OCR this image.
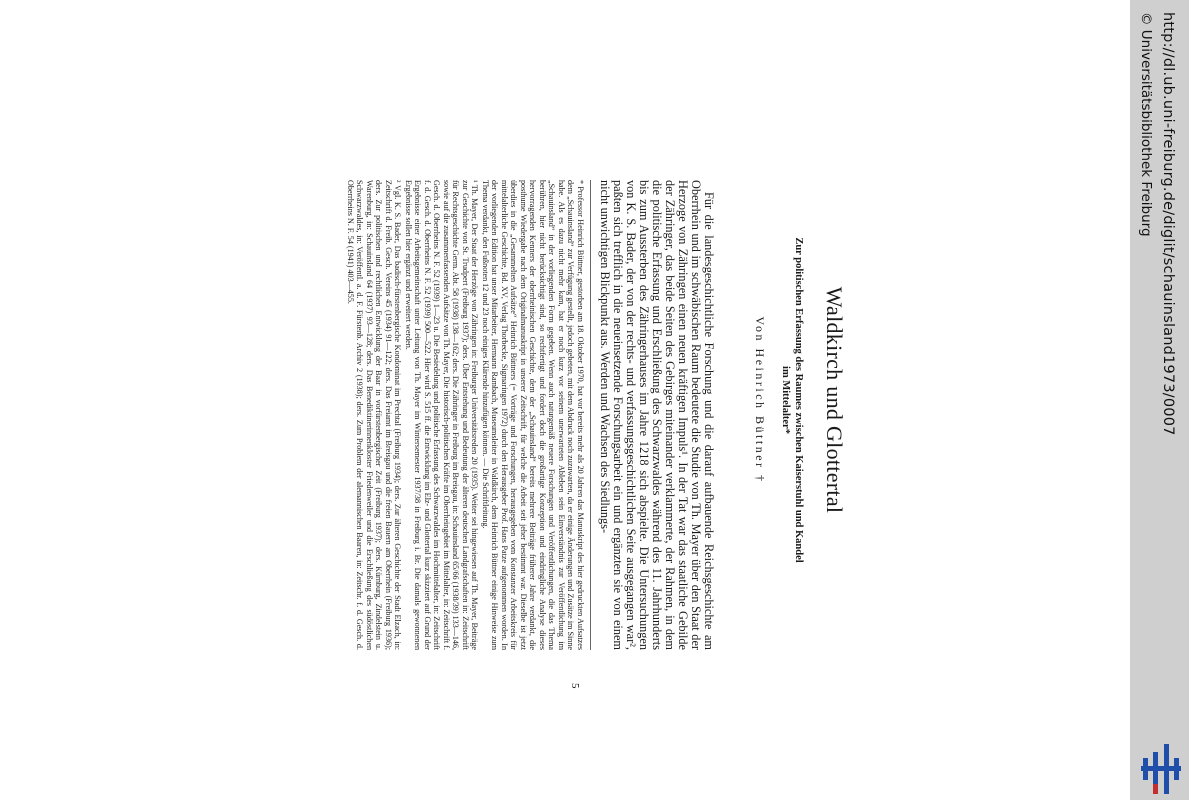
Waldkirch und Glottertal
Zur politischen Erfassung des Raumes zwischen Kaiserstuhl und Kandel
im Mittelalter*
Von Heinrich Büttner †

Für die landesgeschichtliche Forschung und die darauf aufbauende Reichsgeschichte am Oberrhein und im schwäbischen Raum bedeutete die Studie von Th. Mayer über den Staat der Herzoge von Zähringen einen neuen kräftigen Impuls¹. In der Tat war das staatliche Gebilde der Zähringer, das beide Seiten des Gebirges miteinander verklammerte, der Rahmen, in dem die politische Erfassung und Erschließung des Schwarzwaldes während des 11. Jahrhunderts bis zum Aussterben des Zähringerhauses im Jahre 1218 sich abspielte. Die Untersuchungen von K. S. Bader, der von der rechts- und verfassungsgeschichtlichen Seite ausgegangen war², paßten sich trefflich in die neueinsetzende Forschungsarbeit ein und ergänzten sie von einem nicht unwichtigen Blickpunkt aus. Werden und Wachsen des Siedlungs-

* Professor Heinrich Büttner, gestorben am 18. Oktober 1970, hat vor bereits mehr als 20 Jahren das Manuskript des hier gedruckten Aufsatzes dem „Schauinsland“ zur Verfügung gestellt, jedoch gebeten, mit dem Abdruck noch zuzuwarten, da er einige Änderungen und Zusätze im Sinne habe. Als es dazu nicht mehr kam, hat er noch kurz vor seinem unerwarteten Ableben sein Einverständnis zur Veröffentlichung im „Schauinsland“ in der vorliegenden Form gegeben. Wenn auch naturgemäß neuere Forschungen und Veröffentlichungen, die das Thema berühren, hier nicht berücksichtigt sind, so rechtfertigt und fordert doch die großartige Konzeption und eindringliche Analyse dieses hervorragenden Kenners der oberrheinischen Geschichte, dem der „Schauinsland“ bereits mehrere Beiträge früherer Jahre verdankt, die posthume Wiedergabe nach dem Originalmanuskript in unserer Zeitschrift, für welche die Arbeit seit jeher bestimmt war. Dieselbe ist jetzt überdies in die „Gesammelten Aufsätze“ Heinrich Büttners (= Vorträge und Forschungen, herausgegeben vom Konstanzer Arbeitskreis für mittelalterliche Geschichte, Bd. XV, Verlag Thorbecke, Sigmaringen 1972) durch den Herausgeber Prof. Hans Patze aufgenommen worden. In der vorliegenden Edition hat unser Mitarbeiter, Hermann Rambach, Museumsleiter in Waldkirch, dem Heinrich Büttner einige Hinweise zum Thema verdankt, den Fußnoten 12 und 23 noch einiges Klärende hinzufügen können. — Die Schriftleitung.

¹ Th. Mayer, Der Staat der Herzöge von Zähringen in: Freiburger Universitätsreden 20 (1935). Weiter sei hingewiesen auf Th. Mayer, Beiträge zur Geschichte von St. Trudpert (Freiburg 1937); ders. Über Entstehung und Bedeutung der älteren deutschen Landgrafschaften in: Zeitschrift für Rechtsgeschichte Germ. Abt. 58 (1938) 138—162; ders. Die Zähringer in Freiburg im Breisgau, in: Schauinsland 65/66 (1938/39) 133—146, sowie auf die zusammenfassenden Aufsätze von Th. Mayer, Die historisch-politischen Kräfte im Oberrheingebiet im Mittelalter, in: Zeitschrift f. Gesch. d. Oberrheins N. F. 52 (1939) 1—23 u. Die Besiedelung und politische Erfassung des Schwarzwaldes im Hochmittelalter, in: Zeitschrift f. d. Gesch. d. Oberrheins N. F. 52 (1939) 500—522. Hier wird S. 515 ff. die Entwicklung im Elz- und Glottertal kurz skizziert auf Grund der Ergebnisse einer Arbeitsgemeinschaft unter Leitung von Th. Mayer im Wintersemester 1937/38 in Freiburg i. Br. Die damals gewonnenen Ergebnisse sollen hier ergänzt und erweitert werden.

² Vgl. K. S. Bader, Das badisch-fürstenbergische Kondominat im Prechtal (Freiburg 1934); ders. Zur älteren Geschichte der Stadt Elzach, in: Zeitschrift d. Freib. Gesch. Vereins 45 (1934) 91—122; ders. Das Freiamt im Breisgau und die freien Bauern am Oberrhein (Freiburg 1936); ders. Zur politischen und rechtlichen Entwicklung der Baar in vorfürstenbergischer Zeit (Freiburg 1937); ders. Kürnburg, Zindelstein u. Warenburg, in: Schauinsland 64 (1937) 93—128; ders. Das Benediktinerinnenkloster Friedenweiler und die Erschließung des südöstlichen Schwarzwaldes, in: Veröffentl. a. d. F. Fürstenb. Archiv 2 (1938); ders. Zum Problem der alemannischen Baaren, in: Zeitschr. f. d. Gesch. d. Oberrheins N. F. 54 (1941) 403—455.

5
http://dl.ub.uni-freiburg.de/diglit/schauinsland1973/0007
© Universitätsbibliothek Freiburg
